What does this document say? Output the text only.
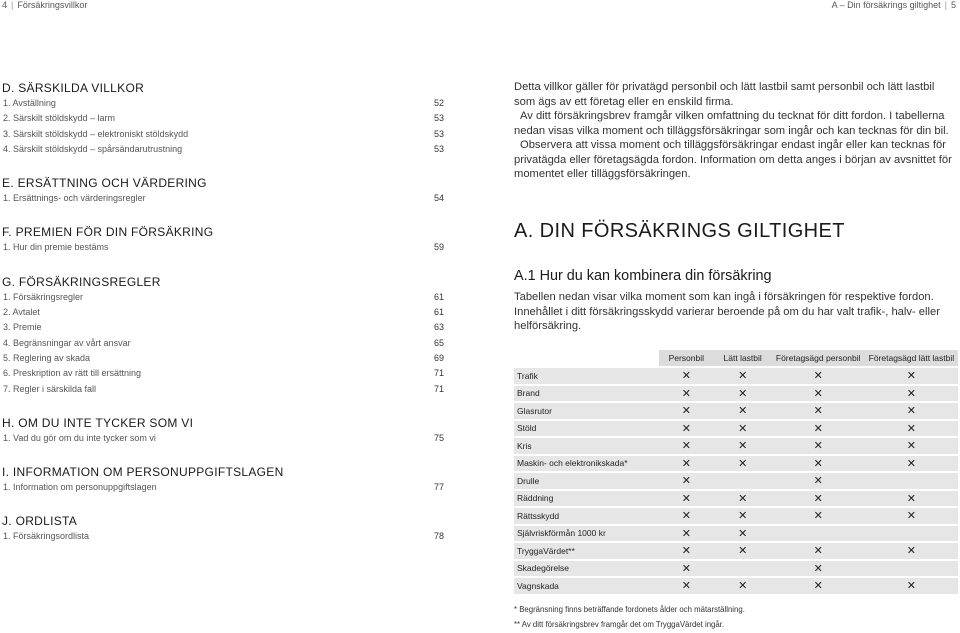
4 | Försäkringsvillkor	A – Din försäkrings giltighet | 5
D. SÄRSKILDA VILLKOR
1. Avställning	52
2. Särskilt stöldskydd – larm	53
3. Särskilt stöldskydd – elektroniskt stöldskydd	53
4. Särskilt stöldskydd – spårsändarutrustning	53
E. ERSÄTTNING OCH VÄRDERING
1. Ersättnings- och värderingsregler	54
F. PREMIEN FÖR DIN FÖRSÄKRING
1. Hur din premie bestäms	59
G. FÖRSÄKRINGSREGLER
1. Försäkringsregler	61
2. Avtalet	61
3. Premie	63
4. Begränsningar av vårt ansvar	65
5. Reglering av skada	69
6. Preskription av rätt till ersättning	71
7. Regler i särskilda fall	71
H. OM DU INTE TYCKER SOM VI
1. Vad du gör om du inte tycker som vi	75
I. INFORMATION OM PERSONUPPGIFTSLAGEN
1. Information om personuppgiftslagen	77
J. ORDLISTA
1. Försäkringsordlista	78

Detta villkor gäller för privatägd personbil och lätt lastbil samt personbil och lätt lastbil som ägs av ett företag eller en enskild firma.

Av ditt försäkringsbrev framgår vilken omfattning du tecknat för ditt fordon. I tabellerna nedan visas vilka moment och tilläggsförsäkringar som ingår och kan tecknas för din bil.

Observera att vissa moment och tilläggsförsäkringar endast ingår eller kan tecknas för privatägda eller företagsägda fordon. Information om detta anges i början av avsnittet för momentet eller tilläggsförsäkringen.

A. DIN FÖRSÄKRINGS GILTIGHET
A.1 Hur du kan kombinera din försäkring
Tabellen nedan visar vilka moment som kan ingå i försäkringen för respektive fordon. Innehållet i ditt försäkringsskydd varierar beroende på om du har valt trafik-, halv- eller helförsäkring.
	Personbil	Lätt lastbil	Företagsägd personbil	Företagsägd lätt lastbil
Trafik	✕	✕	✕	✕
Brand	✕	✕	✕	✕
Glasrutor	✕	✕	✕	✕
Stöld	✕	✕	✕	✕
Kris	✕	✕	✕	✕
Maskin- och elektronikskada*	✕	✕	✕	✕
Drulle	✕		✕	
Räddning	✕	✕	✕	✕
Rättsskydd	✕	✕	✕	✕
Självriskförmån 1000 kr	✕	✕		
TryggaVärdet**	✕	✕	✕	✕
Skadegörelse	✕		✕	
Vagnskada	✕	✕	✕	✕
* Begränsning finns beträffande fordonets ålder och mätarställning.
** Av ditt försäkringsbrev framgår det om TryggaVärdet ingår.
